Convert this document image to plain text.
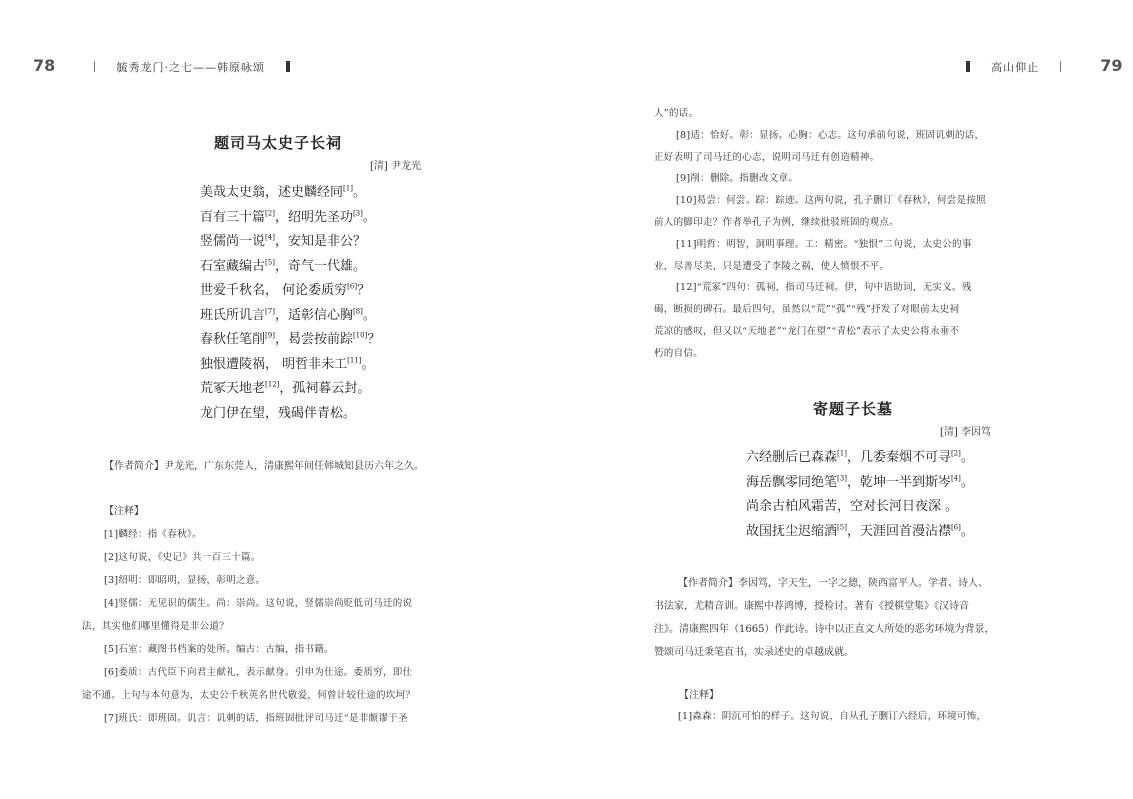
78	毓秀龙门·之七——韩原咏颂
题司马太史子长祠
[清] 尹龙光
美哉太史翁，述史麟经同[1]。
百有三十篇[2]，绍明先圣功[3]。
竖儒尚一说[4]，安知是非公？
石室藏编古[5]，奇气一代雄。
世爱千秋名， 何论委质穷[6]？
班氏所讥言[7]，适彰信心胸[8]。
春秋任笔削[9]，曷尝按前踪[10]？
独恨遭陵祸， 明哲非未工[11]。
荒冢天地老[12]，孤祠暮云封。
龙门伊在望，残碣伴青松。
【作者简介】尹龙光，广东东莞人，清康熙年间任韩城知县历六年之久。
【注释】
[1]麟经：指《春秋》。
[2]这句说，《史记》共一百三十篇。
[3]绍明：即昭明，显扬，彰明之意。
[4]竖儒：无见识的儒生。尚：崇尚。这句说，竖儒崇尚贬低司马迁的说
法，其实他们哪里懂得是非公道？
[5]石室：藏图书档案的处所。编古：古编，指书籍。
[6]委质：古代臣下向君主献礼，表示献身。引申为仕途。委质穷，即仕
途不通。上句与本句意为，太史公千秋英名世代敬爱，何曾计较仕途的坎坷？
[7]班氏：即班固。讥言：讥刺的话，指班固批评司马迁“是非颇谬于圣
高山仰止	79
人”的话。
[8]适：恰好。彰：显扬。心胸：心志。这句承前句说，班固讥刺的话，
正好表明了司马迁的心志，说明司马迁有创造精神。
[9]削：删除。指删改文章。
[10]曷尝：何尝。踪：踪迹。这两句说，孔子删订《春秋》，何尝是按照
前人的脚印走？作者举孔子为例，继续批驳班固的观点。
[11]明哲：明智，洞明事理。工：精密。“独恨”二句说，太史公的事
业，尽善尽美，只是遭受了李陵之祸，使人愤恨不平。
[12]“荒冢”四句：孤祠，指司马迁祠。伊，句中语助词，无实义。残
碣，断损的碑石。最后四句，虽然以“荒”“孤”“残”抒发了对眼前太史祠
荒凉的感叹，但又以“天地老”“龙门在望”“青松”表示了太史公将永垂不
朽的自信。
寄题子长墓
[清] 李因笃
六经删后已森森[1]，几委秦烟不可寻[2]。
海岳飘零同绝笔[3]，乾坤一半到斯岑[4]。
尚余古柏风霜苦，空对长河日夜深 。
故国抚尘迟缩酒[5]，天涯回首漫沾襟[6]。
【作者简介】李因笃，字天生，一字之德，陕西富平人。学者、诗人、
书法家，尤精音训。康熙中荐鸿博，授检讨。著有《授棋堂集》《汉诗音
注》。清康熙四年（1665）作此诗。诗中以正直文人所处的恶劣环境为背景，
赞颂司马迁秉笔直书，实录述史的卓越成就。
【注释】
[1]森森：阴沉可怕的样子。这句说，自从孔子删订六经后，环境可怖，
